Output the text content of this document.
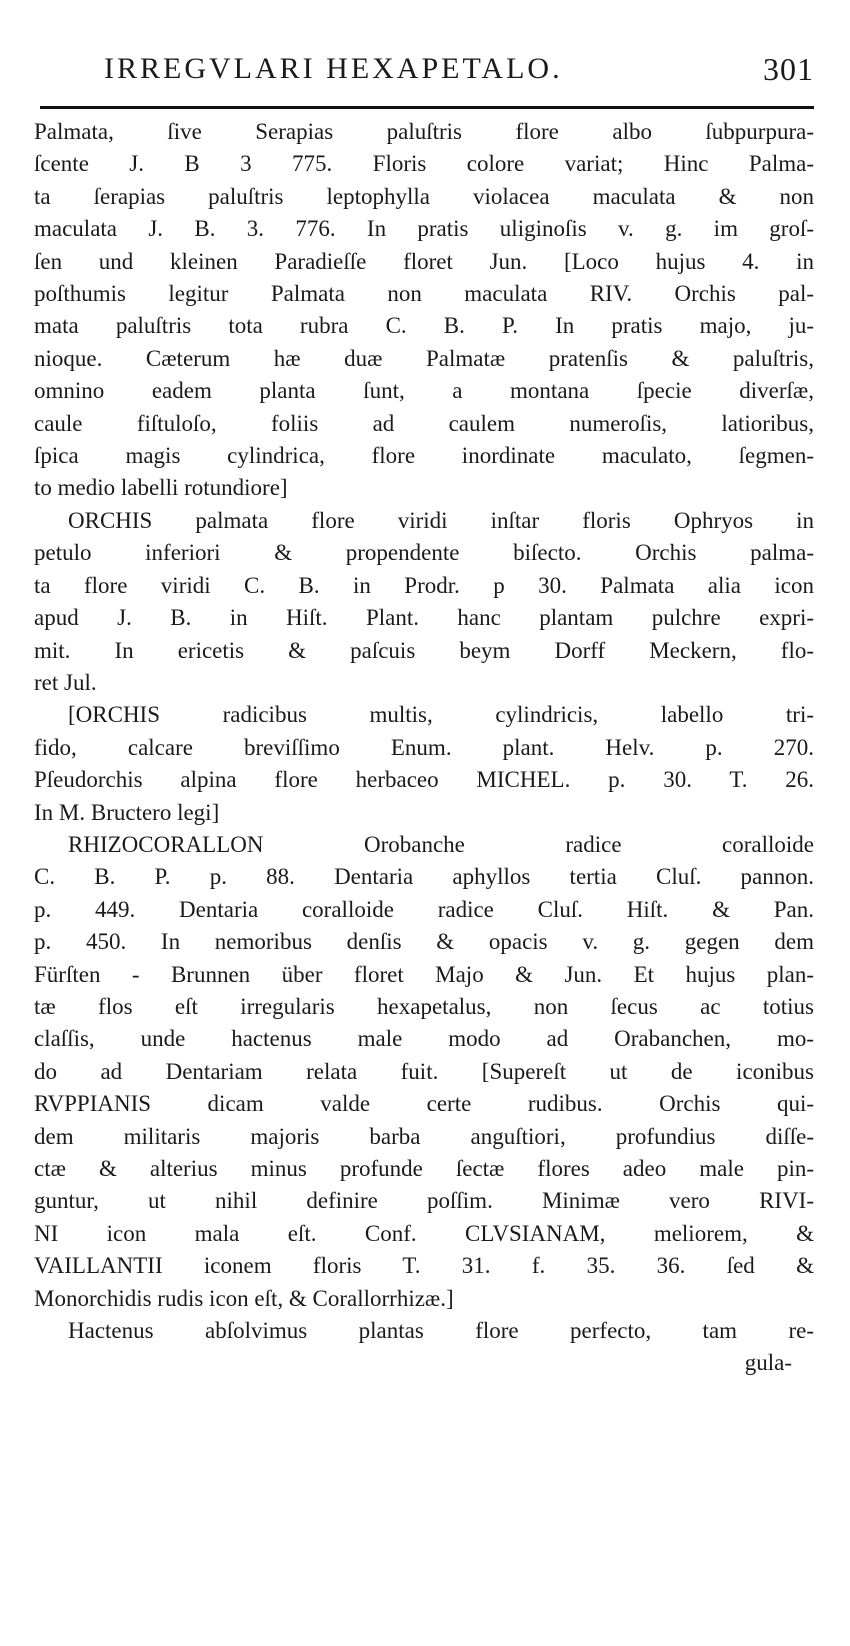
IRREGVLARI HEXAPETALO.	301
Palmata, ſive Serapias paluſtris flore albo ſubpurpura-
ſcente J. B 3 775. Floris colore variat; Hinc Palma-
ta ſerapias paluſtris leptophylla violacea maculata & non
maculata J. B. 3. 776. In pratis uliginoſis v. g. im groſ-
ſen und kleinen Paradieſſe floret Jun. [Loco hujus 4. in
poſthumis legitur Palmata non maculata RIV. Orchis pal-
mata paluſtris tota rubra C. B. P. In pratis majo, ju-
nioque. Cæterum hæ duæ Palmatæ pratenſis & paluſtris,
omnino eadem planta ſunt, a montana ſpecie diverſæ,
caule fiſtuloſo, foliis ad caulem numeroſis, latioribus,
ſpica magis cylindrica, flore inordinate maculato, ſegmen-
to medio labelli rotundiore]
ORCHIS palmata flore viridi inſtar floris Ophryos in
petulo inferiori & propendente biſecto. Orchis palma-
ta flore viridi C. B. in Prodr. p 30. Palmata alia icon
apud J. B. in Hiſt. Plant. hanc plantam pulchre expri-
mit. In ericetis & paſcuis beym Dorff Meckern, flo-
ret Jul.
[ORCHIS radicibus multis, cylindricis, labello tri-
fido, calcare breviſſimo Enum. plant. Helv. p. 270.
Pſeudorchis alpina flore herbaceo MICHEL. p. 30. T. 26.
In M. Bructero legi]
RHIZOCORALLON Orobanche radice coralloide
C. B. P. p. 88. Dentaria aphyllos tertia Cluſ. pannon.
p. 449. Dentaria coralloide radice Cluſ. Hiſt. & Pan.
p. 450. In nemoribus denſis & opacis v. g. gegen dem
Fürſten - Brunnen über floret Majo & Jun. Et hujus plan-
tæ flos eſt irregularis hexapetalus, non ſecus ac totius
claſſis, unde hactenus male modo ad Orabanchen, mo-
do ad Dentariam relata fuit. [Supereſt ut de iconibus
RVPPIANIS dicam valde certe rudibus. Orchis qui-
dem militaris majoris barba anguſtiori, profundius diſſe-
ctæ & alterius minus profunde ſectæ flores adeo male pin-
guntur, ut nihil definire poſſim. Minimæ vero RIVI-
NI icon mala eſt. Conf. CLVSIANAM, meliorem, &
VAILLANTII iconem floris T. 31. f. 35. 36. ſed &
Monorchidis rudis icon eſt, & Corallorrhizæ.]
Hactenus abſolvimus plantas flore perfecto, tam re-
gula-
